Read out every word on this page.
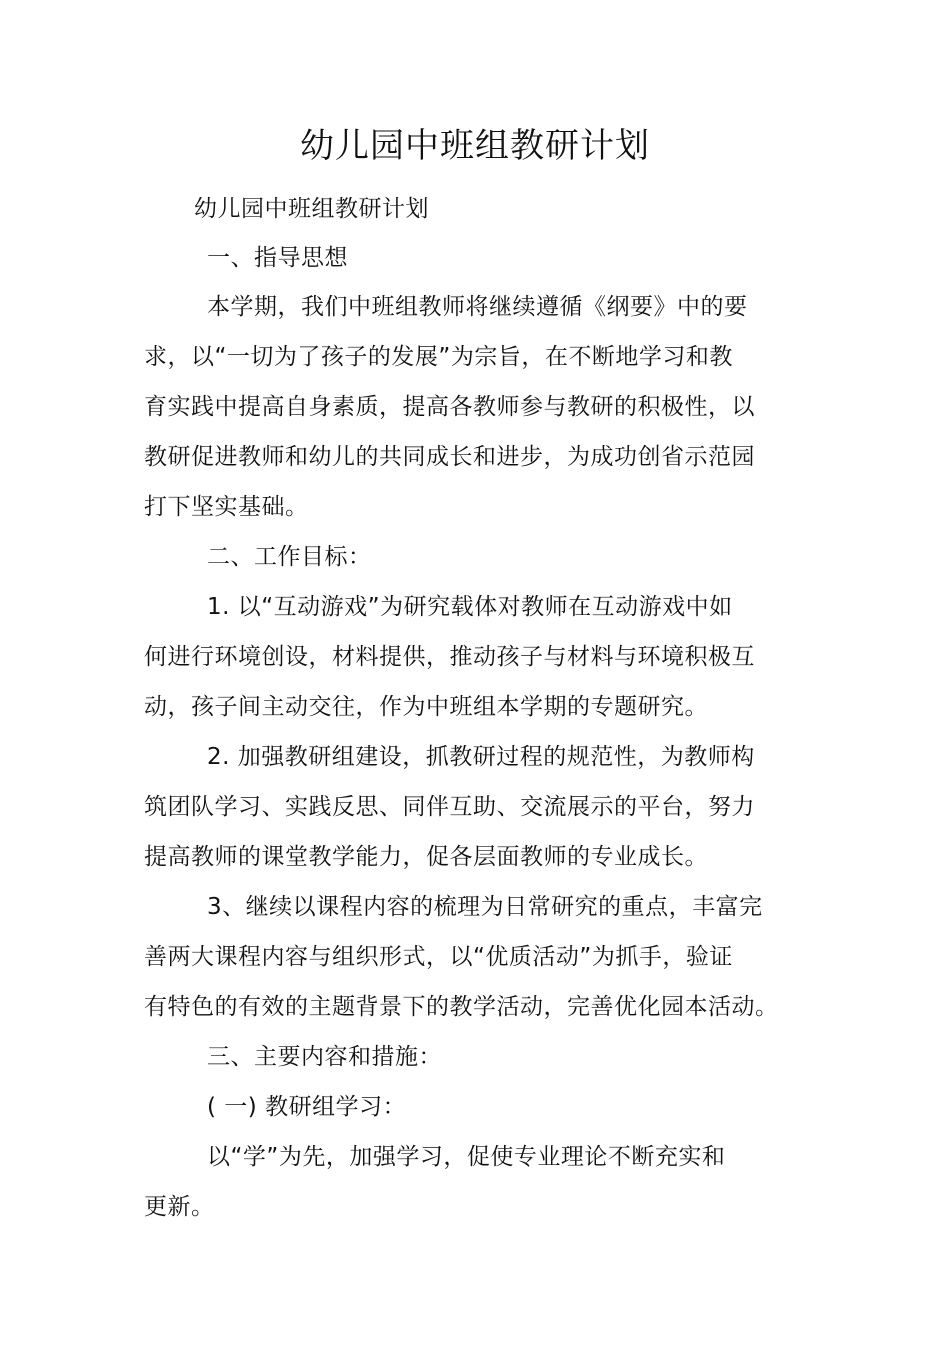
幼儿园中班组教研计划

幼儿园中班组教研计划

一、指导思想

本学期，我们中班组教师将继续遵循《纲要》中的要

求，以“一切为了孩子的发展”为宗旨，在不断地学习和教

育实践中提高自身素质，提高各教师参与教研的积极性，以

教研促进教师和幼儿的共同成长和进步，为成功创省示范园

打下坚实基础。

二、工作目标：

1. 以“互动游戏”为研究载体对教师在互动游戏中如

何进行环境创设，材料提供，推动孩子与材料与环境积极互

动，孩子间主动交往，作为中班组本学期的专题研究。

2. 加强教研组建设，抓教研过程的规范性，为教师构

筑团队学习、实践反思、同伴互助、交流展示的平台，努力

提高教师的课堂教学能力，促各层面教师的专业成长。

3、继续以课程内容的梳理为日常研究的重点，丰富完

善两大课程内容与组织形式，以“优质活动”为抓手，验证

有特色的有效的主题背景下的教学活动，完善优化园本活动。

三、主要内容和措施：

( 一) 教研组学习：

以“学”为先，加强学习，促使专业理论不断充实和

更新。
